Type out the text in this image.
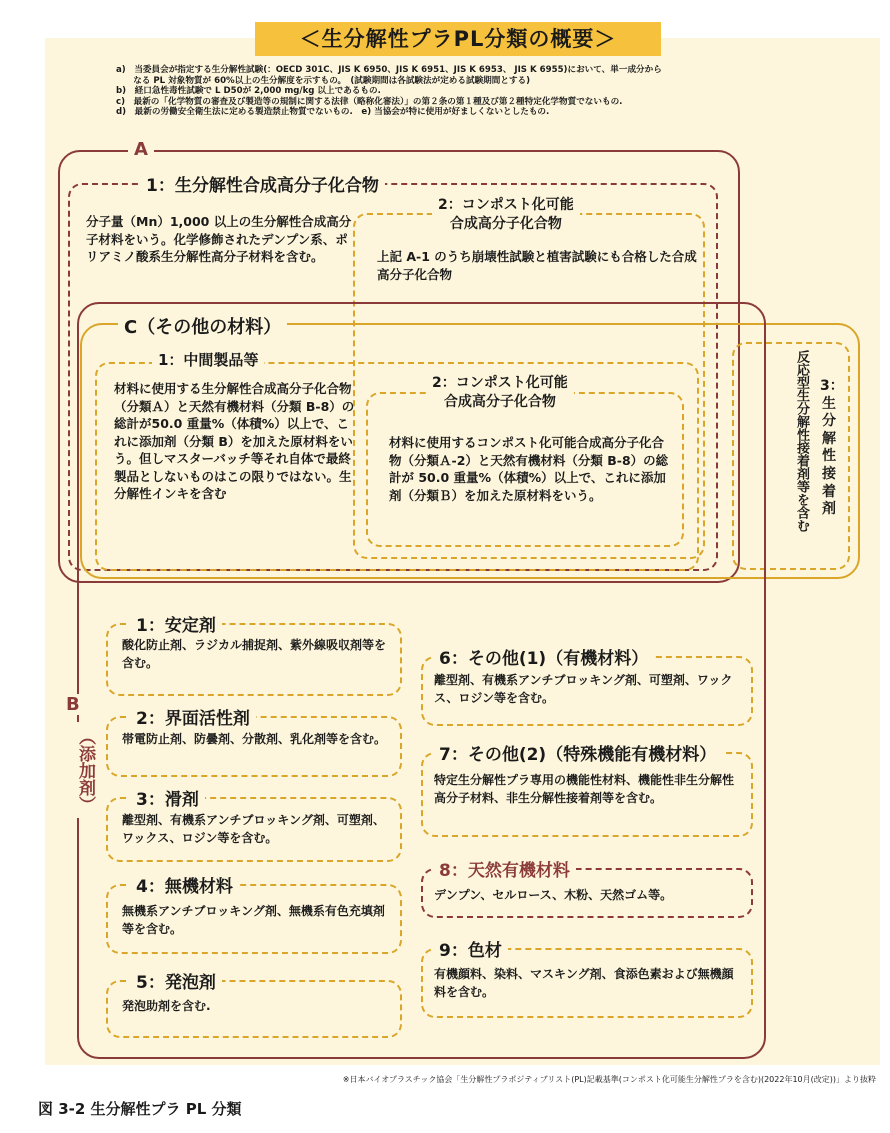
＜生分解性プラPL分類の概要＞
a)　当委員会が指定する生分解性試験(：OECD 301C、JIS K 6950、JIS K 6951、JIS K 6953、 JIS K 6955)において、単一成分から
　　なる PL 対象物質が 60%以上の生分解度を示すもの。　(試験期間は各試験法が定める試験期間とする)
b)　経口急性毒性試験で L D50が 2,000 mg/kg 以上であるもの.
c)　最新の「化学物質の審査及び製造等の規制に関する法律（略称化審法）」の第２条の第１種及び第２種特定化学物質でないもの.
d)　最新の労働安全衛生法に定める製造禁止物質でないもの.　e) 当協会が特に使用が好ましくないとしたもの.
A
1：生分解性合成高分子化合物
分子量（Mn）1,000 以上の生分解性合成高分子材料をいう。化学修飾されたデンプン系、ポリアミノ酸系生分解性高分子材料を含む。
2：コンポスト化可能
合成高分子化合物
上記 A-1 のうち崩壊性試験と植害試験にも合格した合成高分子化合物
C（その他の材料）
1：中間製品等
材料に使用する生分解性合成高分子化合物（分類Ａ）と天然有機材料（分類 B-8）の総計が50.0 重量%（体積%）以上で、これに添加剤（分類 B）を加えた原材料をいう。但しマスターバッチ等それ自体で最終製品としないものはこの限りではない。生分解性インキを含む
2：コンポスト化可能
合成高分子化合物
材料に使用するコンポスト化可能合成高分子化合物（分類Ａ-2）と天然有機材料（分類 B-8）の総計が 50.0 重量%（体積%）以上で、これに添加剤（分類Ｂ）を加えた原材料をいう。
3：生分解性接着剤
反応型生分解性接着剤等を含む
B
（添加剤）
1：安定剤
酸化防止剤、ラジカル捕捉剤、紫外線吸収剤等を含む。
2：界面活性剤
帯電防止剤、防曇剤、分散剤、乳化剤等を含む。
3：滑剤
離型剤、有機系アンチブロッキング剤、可塑剤、ワックス、ロジン等を含む。
4：無機材料
無機系アンチブロッキング剤、無機系有色充填剤等を含む。
5：発泡剤
発泡助剤を含む.
6：その他(1)（有機材料）
離型剤、有機系アンチブロッキング剤、可塑剤、ワックス、ロジン等を含む。
7：その他(2)（特殊機能有機材料）
特定生分解性プラ専用の機能性材料、機能性非生分解性高分子材料、非生分解性接着剤等を含む。
8：天然有機材料
デンプン、セルロース、木粉、天然ゴム等。
9：色材
有機顔料、染料、マスキング剤、食添色素および無機顔料を含む。
※日本バイオプラスチック協会「生分解性プラポジティブリスト(PL)記載基準(コンポスト化可能生分解性プラを含む)(2022年10月(改定))」より抜粋
図 3-2 生分解性プラ PL 分類
